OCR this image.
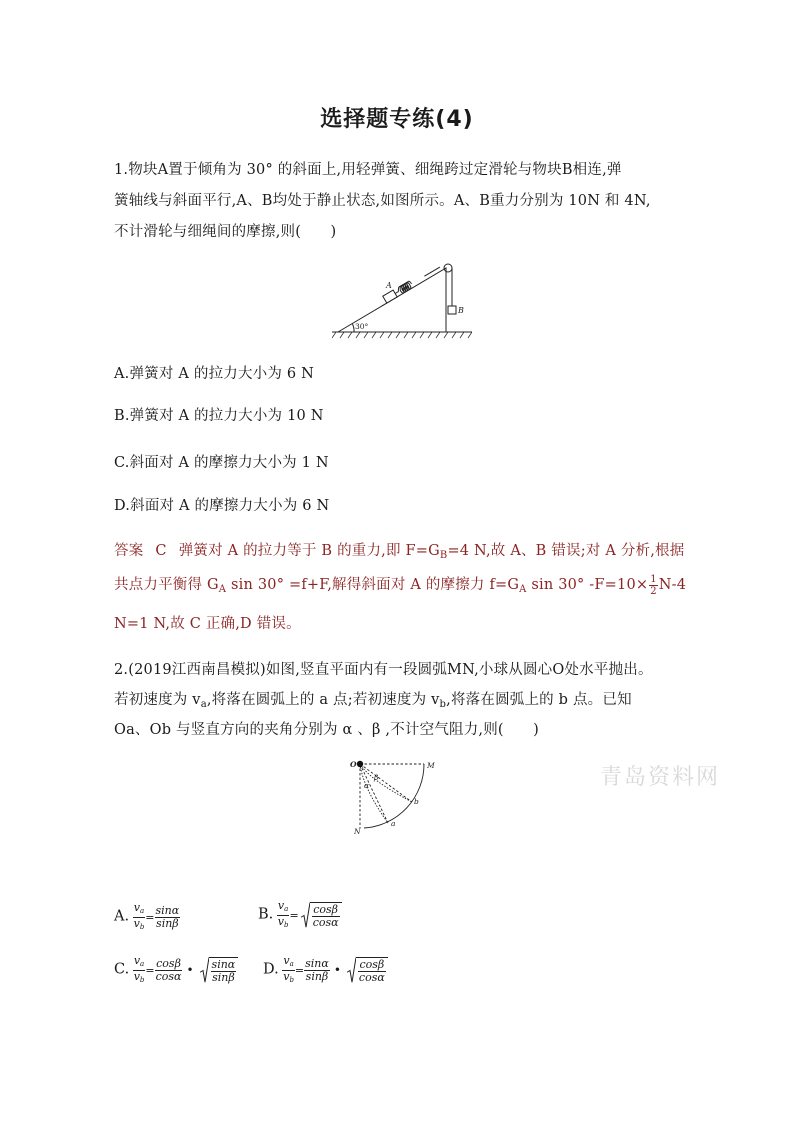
选择题专练(4)
1.物块A置于倾角为 30° 的斜面上,用轻弹簧、细绳跨过定滑轮与物块B相连,弹
簧轴线与斜面平行,A、B均处于静止状态,如图所示。A、B重力分别为 10N 和 4N,
不计滑轮与细绳间的摩擦,则(　　)
A
B
30°
A.弹簧对 A 的拉力大小为 6 N
B.弹簧对 A 的拉力大小为 10 N
C.斜面对 A 的摩擦力大小为 1 N
D.斜面对 A 的摩擦力大小为 6 N
答案 C 弹簧对 A 的拉力等于 B 的重力,即 $F=G_B=4$ N,故 A、B 错误;对 A 分析,根据
共点力平衡得 $G_A$ sin 30° =f+F,解得斜面对 A 的摩擦力 $f=G_A$ sin 30° $-F=10\times \frac{1}{2} N-4$
N=1 N,故 C 正确,D 错误。
2.(2019江西南昌模拟)如图,竖直平面内有一段圆弧MN,小球从圆心O处水平抛出。
若初速度为 $v_a$,将落在圆弧上的 a 点;若初速度为 $v_b$,将落在圆弧上的 b 点。已知
Oa、Ob 与竖直方向的夹角分别为 α 、β ,不计空气阻力,则(　　)
O	M
N
b
a
α
β
A. $\frac{v_a}{v_b} = \frac{\sin\alpha}{\sin\beta}$	B. $\frac{v_a}{v_b} = \frac{\cos\beta}{\cos\alpha}$
C. $\frac{v_a}{v_b} = \frac{\cos\beta}{\cos\alpha}$ • $\frac{\sin\alpha}{\sin\beta} D$. $\frac{v_a}{v_b} = \frac{\sin\alpha}{\sin\beta}$ • $\frac{\cos\beta}{\cos\alpha}$
青岛资料网
